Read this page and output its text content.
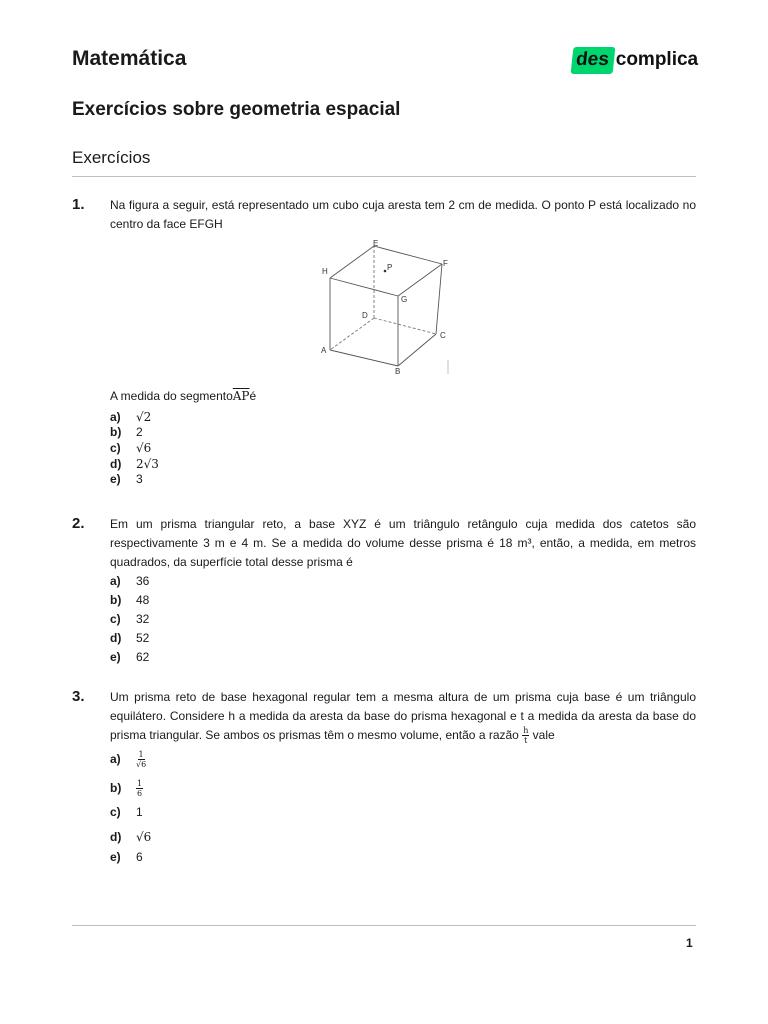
Matemática	des complica
Exercícios sobre geometria espacial
Exercícios
1. Na figura a seguir, está representado um cubo cuja aresta tem 2 cm de medida. O ponto P está localizado no centro da face EFGH
E
F
G
H	P
D
C
A
B
A medida do segmento $\overline{AP}$ é
a)	√2
b)	2
c)	√6
d)	2√3
e)	3
2. Em um prisma triangular reto, a base XYZ é um triângulo retângulo cuja medida dos catetos são respectivamente 3 m e 4 m. Se a medida do volume desse prisma é 18 m³, então, a medida, em metros quadrados, da superfície total desse prisma é
a)	36
b)	48
c)	32
d)	52
e)	62
3. Um prisma reto de base hexagonal regular tem a mesma altura de um prisma cuja base é um triângulo equilátero. Considere h a medida da aresta da base do prisma hexagonal e t a medida da aresta da base do prisma triangular. Se ambos os prismas têm o mesmo volume, então a razão $\frac{h}{t}$ vale
a)	$\frac{1}{√6}$
b)	$\frac{1}{6}$
c)	1
d)	√6
e)	6
1
